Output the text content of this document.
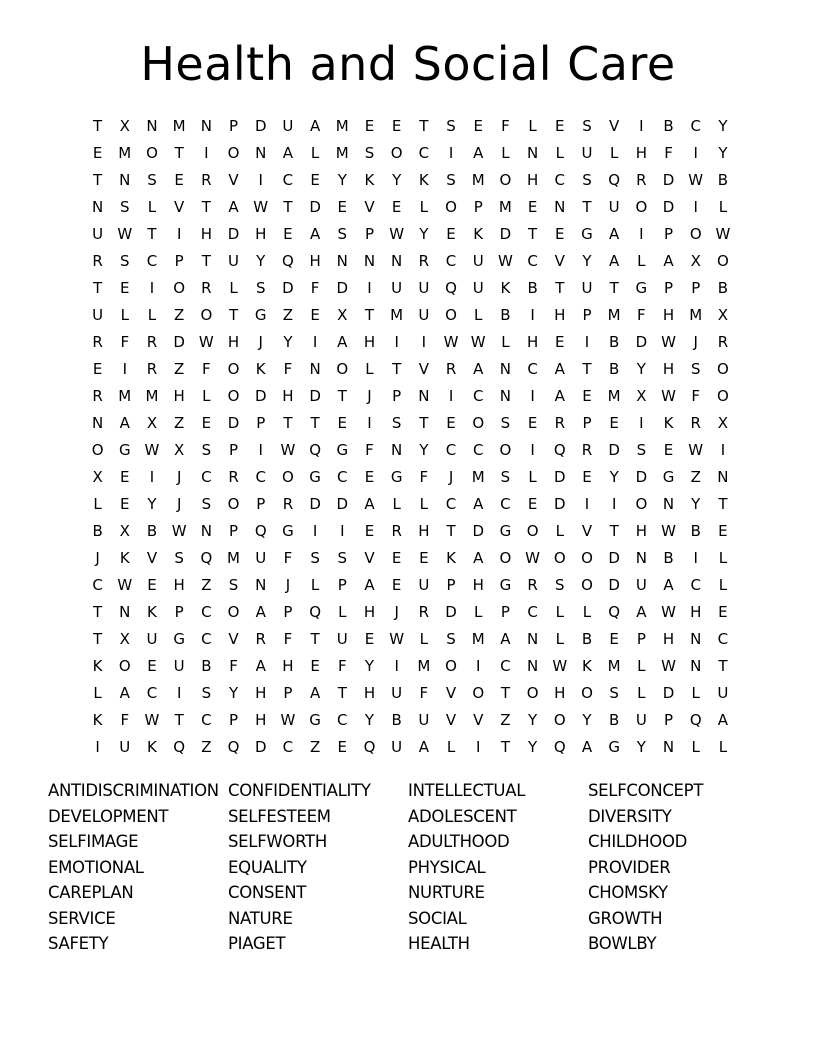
Health and Social Care
T	X	N	M	N	P	D	U	A	M	E	E	T	S	E	F	L	E	S	V	I	B	C	Y
E	M O	T	I	O	N	A	L	M	S	O	C	I	A	L	N	L	U	L	H	F	I	Y
T	N	S	E	R	V	I	C	E	Y	K	Y	K	S	M O	H	C	S	Q	R	D W B
N	S	L	V	T	A W	T	D	E	V	E	L	O	P	M	E	N	T	U	O	D	I	L
U W	T	I	H	D	H	E	A	S	P	W	Y	E	K	D	T	E	G	A	I	P	O W
R	S	C	P	T	U	Y	Q	H	N	N	N	R	C	U W C	V	Y	A	L	A	X	O
T	E	I	O	R	L	S	D	F	D	I	U	U	Q	U	K	B	T	U	T	G	P	P	B
U	L	L	Z	O	T	G	Z	E	X	T	M	U	O	L	B	I	H	P	M	F	H	M	X
R	F	R	D W H	J	Y	I	A	H	I	I	W W	L	H	E	I	B	D W	J	R
E	I	R	Z	F	O	K	F	N	O	L	T	V	R	A	N	C	A	T	B	Y	H	S	O
R	M M	H	L	O	D	H	D	T	J	P	N	I	C	N	I	A	E	M	X W	F	O
N	A	X	Z	E	D	P	T	T	E	I	S	T	E	O	S	E	R	P	E	I	K	R	X
O	G W X	S	P	I	W Q	G	F	N	Y	C	C	O	I	Q	R	D	S	E	W	I
X	E	I	J	C	R	C	O	G	C	E	G	F	J	M	S	L	D	E	Y	D	G	Z	N
L	E	Y	J	S	O	P	R	D	D	A	L	L	C	A	C	E	D	I	I	O	N	Y	T
B	X	B W N	P	Q	G	I	I	E	R	H	T	D	G	O	L	V	T	H W B	E
J	K	V	S	Q M	U	F	S	S	V	E	E	K	A	O W O	O	D	N	B	I	L
C W	E	H	Z	S	N	J	L	P	A	E	U	P	H	G	R	S	O	D	U	A	C	L
T	N	K	P	C	O	A	P	Q	L	H	J	R	D	L	P	C	L	L	Q	A W H	E
T	X	U	G	C	V	R	F	T	U	E	W	L	S	M	A	N	L	B	E	P	H	N	C
K	O	E	U	B	F	A	H	E	F	Y	I	M O	I	C	N W K	M	L	W N	T
L	A	C	I	S	Y	H	P	A	T	H	U	F	V	O	T	O	H	O	S	L	D	L	U
K	F	W	T	C	P	H W G	C	Y	B	U	V	V	Z	Y	O	Y	B	U	P	Q	A
I	U	K	Q	Z	Q	D	C	Z	E	Q	U	A	L	I	T	Y	Q	A	G	Y	N	L	L
ANTIDISCRIMINATION CONFIDENTIALITY	INTELLECTUAL	SELFCONCEPT
DEVELOPMENT	SELFESTEEM	ADOLESCENT	DIVERSITY
SELFIMAGE	SELFWORTH	ADULTHOOD	CHILDHOOD
EMOTIONAL	EQUALITY	PHYSICAL	PROVIDER
CAREPLAN	CONSENT	NURTURE	CHOMSKY
SERVICE	NATURE	SOCIAL	GROWTH
SAFETY	PIAGET	HEALTH	BOWLBY
